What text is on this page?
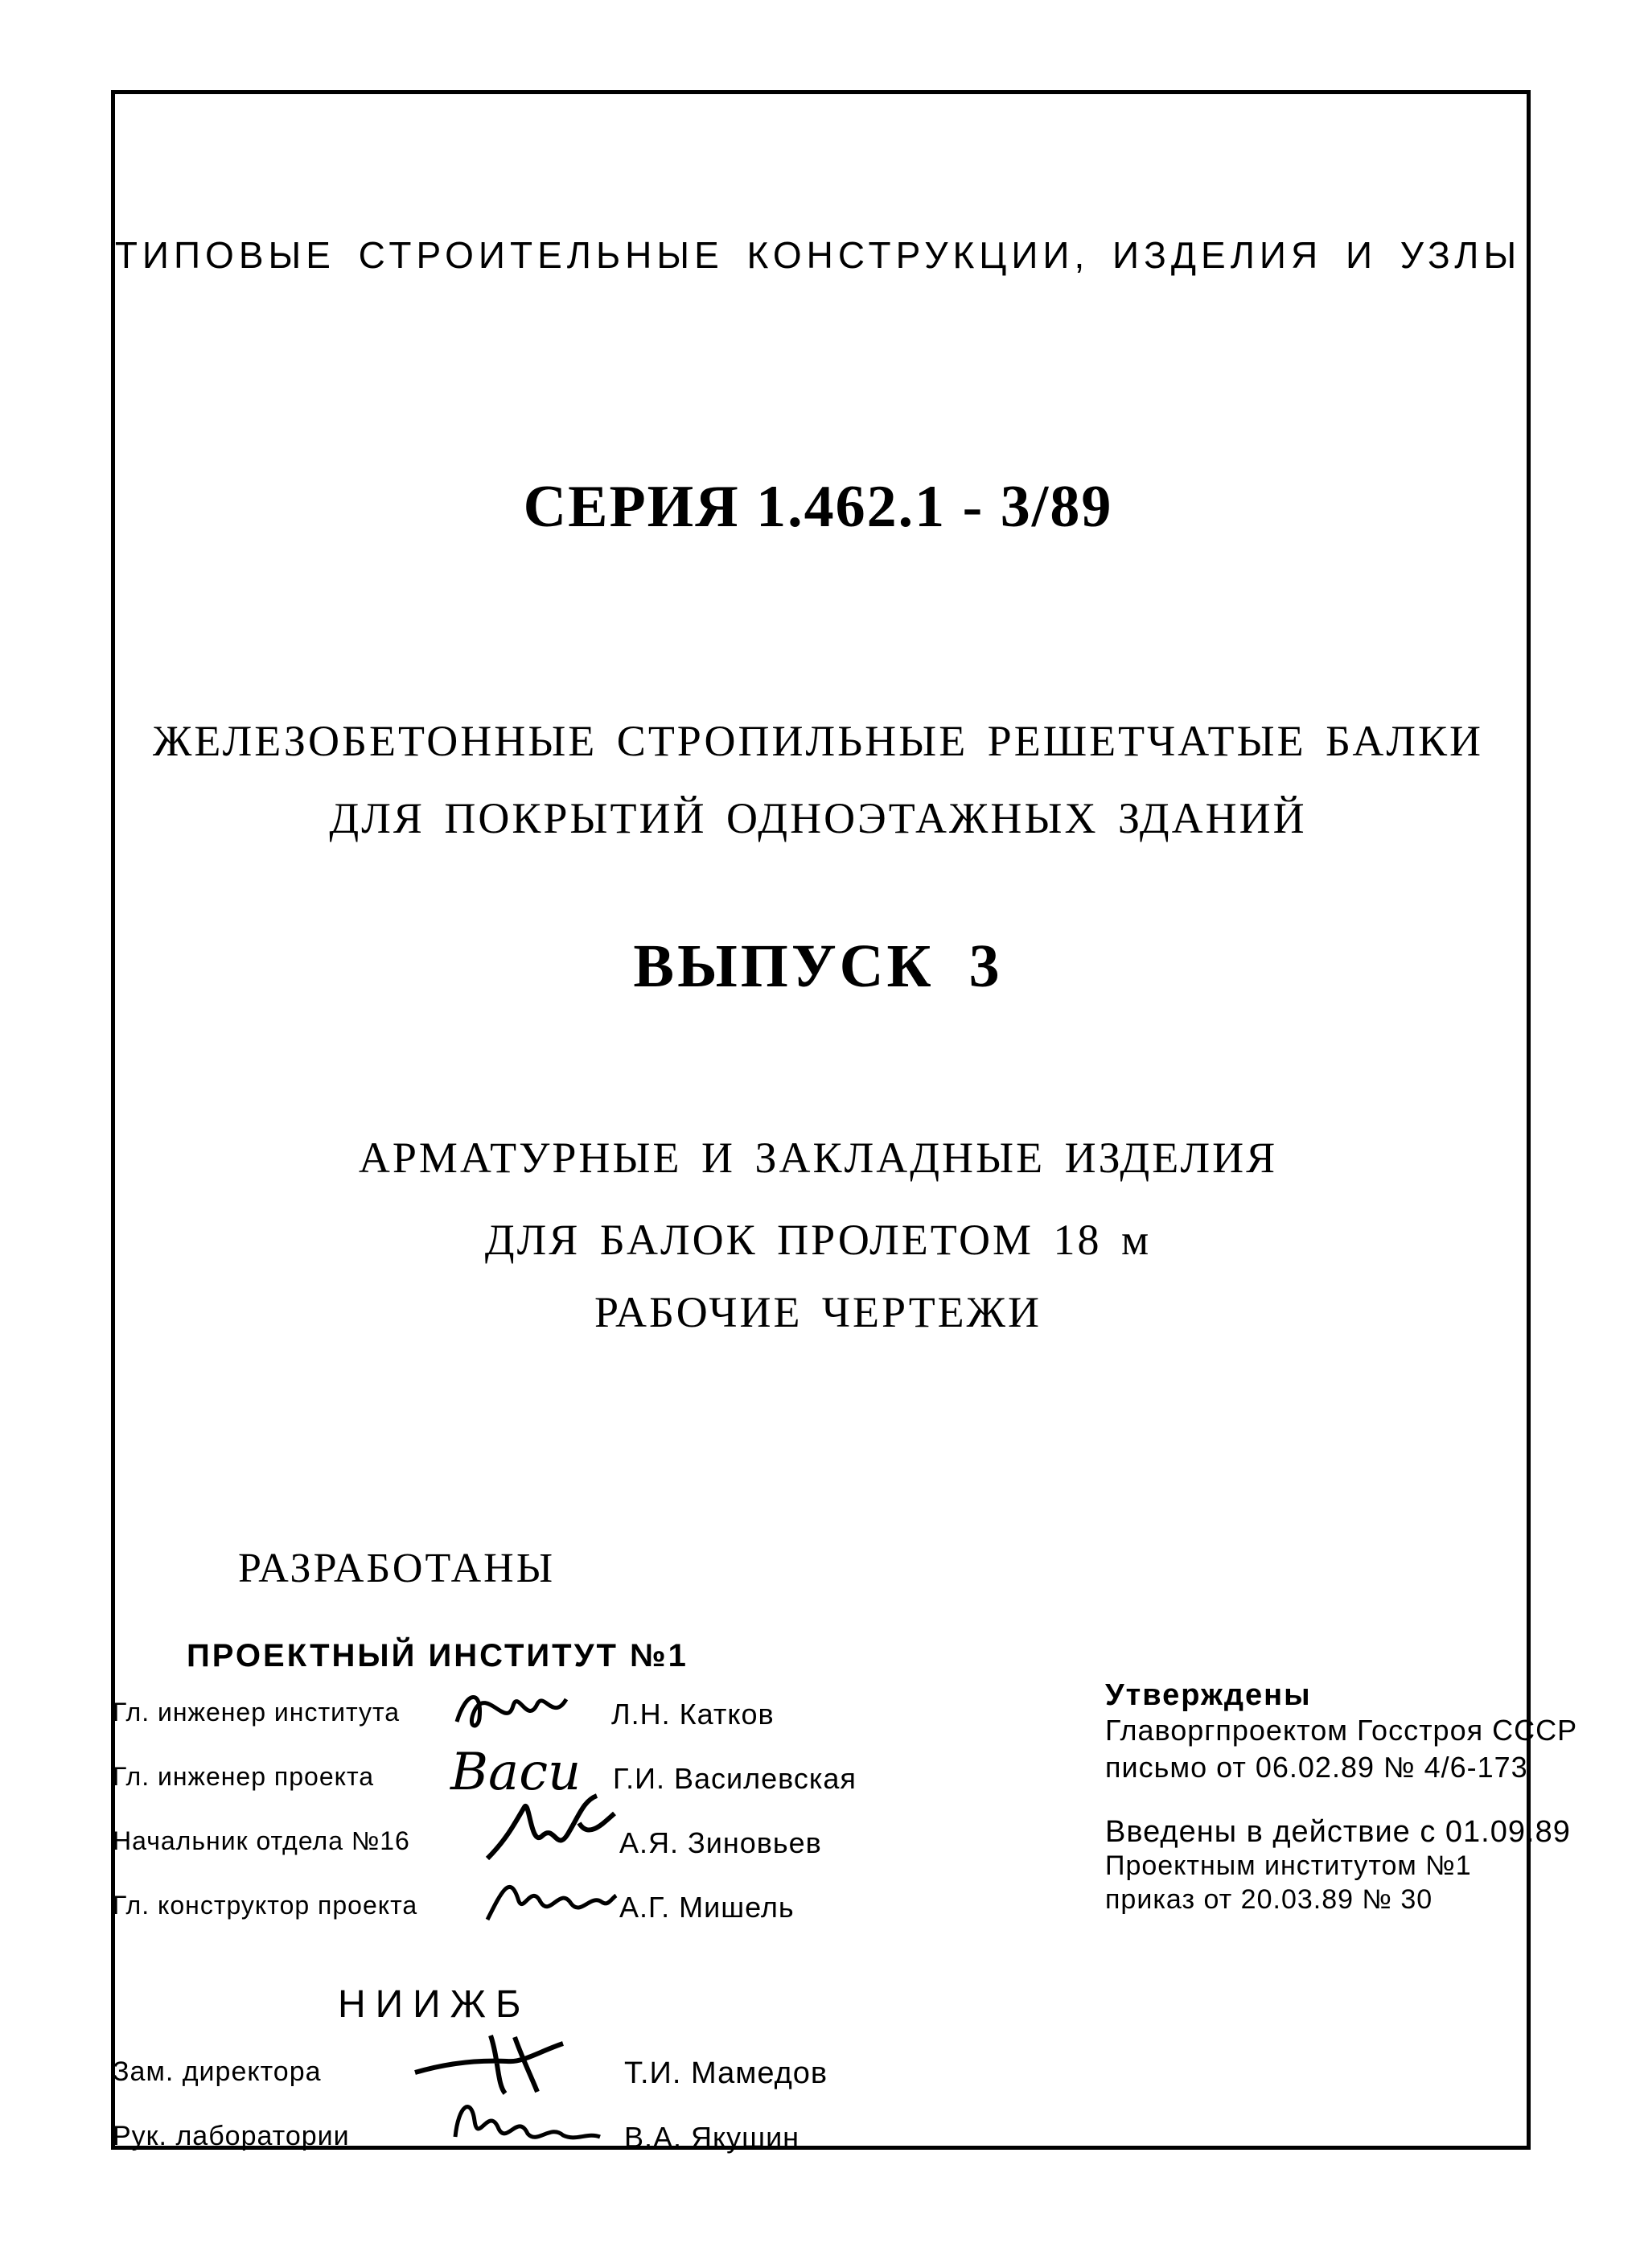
ТИПОВЫЕ СТРОИТЕЛЬНЫЕ КОНСТРУКЦИИ, ИЗДЕЛИЯ И УЗЛЫ

СЕРИЯ 1.462.1 - 3/89

ЖЕЛЕЗОБЕТОННЫЕ СТРОПИЛЬНЫЕ РЕШЕТЧАТЫЕ БАЛКИ

ДЛЯ ПОКРЫТИЙ ОДНОЭТАЖНЫХ ЗДАНИЙ

ВЫПУСК 3

АРМАТУРНЫЕ И ЗАКЛАДНЫЕ ИЗДЕЛИЯ

ДЛЯ БАЛОК ПРОЛЕТОМ 18 м

РАБОЧИЕ ЧЕРТЕЖИ

РАЗРАБОТАНЫ

ПРОЕКТНЫЙ ИНСТИТУТ №1

Гл. инженер института	Л.Н. Катков

Гл. инженер проекта Васи Г.И. Василевская

Начальник отдела №16	А.Я. Зиновьев

Гл. конструктор проекта	А.Г. Мишель

НИИЖБ

Зам. директора	Т.И. Мамедов

Рук. лаборатории	В.А. Якушин

Утверждены

Главоргпроектом Госстроя СССР

письмо от 06.02.89 № 4/6-173

Введены в действие с 01.09.89

Проектным институтом №1

приказ от 20.03.89 № 30
